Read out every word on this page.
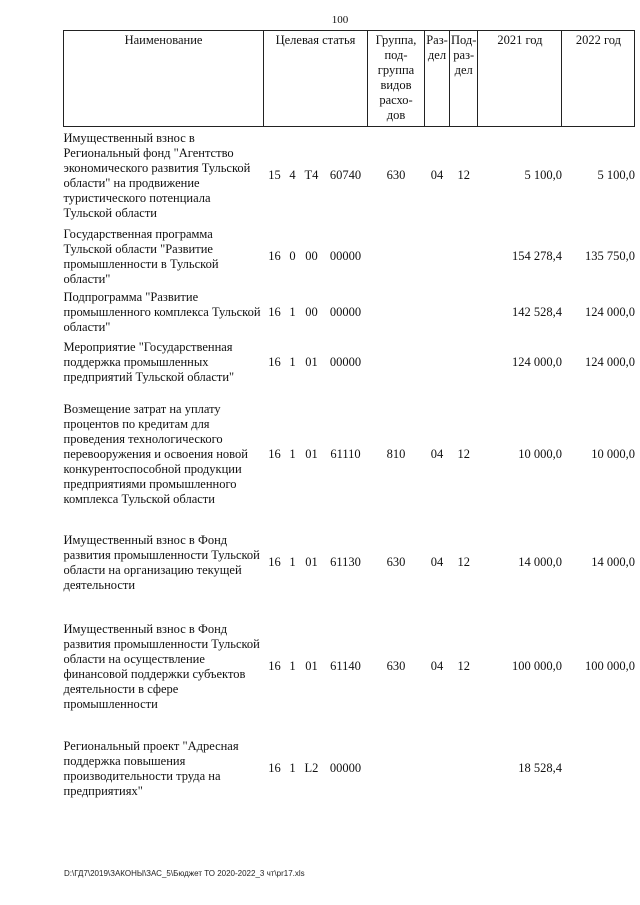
100
Наименование	Целевая статья				Группа, под- группа видов расхо- дов	Раз- дел	Под- раз- дел	2021 год	2022 год
Имущественный взнос в Региональный фонд "Агентство экономического развития Тульской области" на продвижение туристического потенциала Тульской области	15	4	Т4	60740	630	04	12	5 100,0	5 100,0
Государственная программа Тульской области "Развитие промышленности в Тульской области"	16	0	00	00000				154 278,4	135 750,0
Подпрограмма "Развитие промышленного комплекса Тульской области"	16	1	00	00000				142 528,4	124 000,0
Мероприятие "Государственная поддержка промышленных предприятий Тульской области"	16	1	01	00000				124 000,0	124 000,0
Возмещение затрат на уплату процентов по кредитам для проведения технологического перевооружения и освоения новой конкурентоспособной продукции предприятиями промышленного комплекса Тульской области	16	1	01	61110	810	04	12	10 000,0	10 000,0
Имущественный взнос в Фонд развития промышленности Тульской области на организацию текущей деятельности	16	1	01	61130	630	04	12	14 000,0	14 000,0
Имущественный взнос в Фонд развития промышленности Тульской области на осуществление финансовой поддержки субъектов деятельности в сфере промышленности	16	1	01	61140	630	04	12	100 000,0	100 000,0
Региональный проект "Адресная поддержка повышения производительности труда на предприятиях"	16	1	L2	00000				18 528,4	
D:\ГД7\2019\ЗАКОНЫ\ЗАС_5\Бюджет ТО 2020-2022_3 чт\pr17.xls
